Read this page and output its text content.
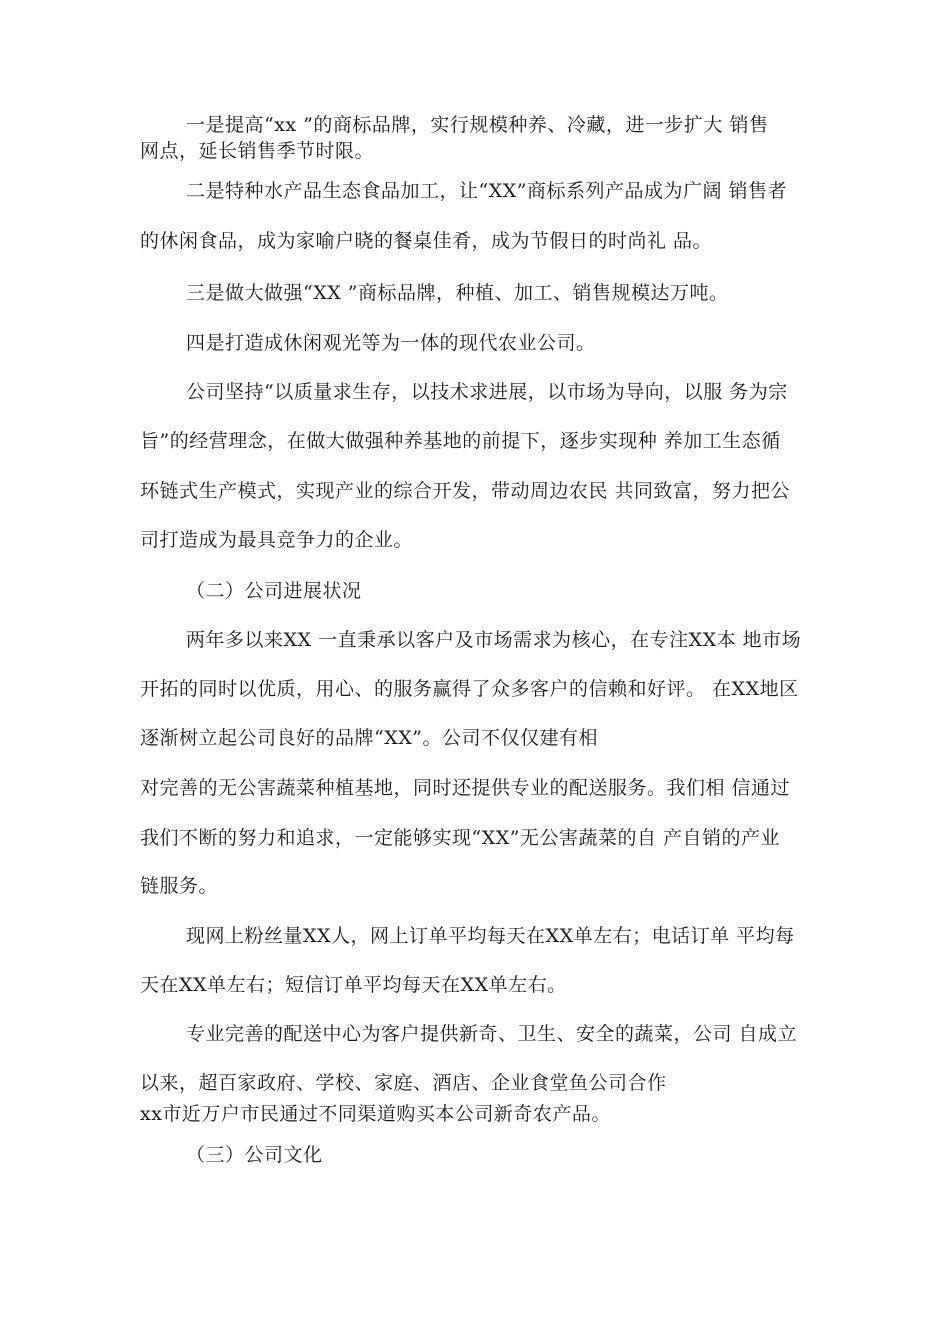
一是提高“xx ”的商标品牌，实行规模种养、冷藏，进一步扩大 销售
网点，延长销售季节时限。
二是特种水产品生态食品加工，让“XX”商标系列产品成为广阔 销售者
的休闲食品，成为家喻户晓的餐桌佳肴，成为节假日的时尚礼 品。
三是做大做强“XX ”商标品牌，种植、加工、销售规模达万吨。
四是打造成休闲观光等为一体的现代农业公司。
公司坚持“以质量求生存，以技术求进展，以市场为导向，以服 务为宗
旨”的经营理念，在做大做强种养基地的前提下，逐步实现种 养加工生态循
环链式生产模式，实现产业的综合开发，带动周边农民 共同致富，努力把公
司打造成为最具竞争力的企业。
（二）公司进展状况
两年多以来XX 一直秉承以客户及市场需求为核心，在专注XX本 地市场
开拓的同时以优质，用心、的服务赢得了众多客户的信赖和好评。 在XX地区
逐渐树立起公司良好的品牌“XX”。公司不仅仅建有相
对完善的无公害蔬菜种植基地，同时还提供专业的配送服务。我们相 信通过
我们不断的努力和追求，一定能够实现“XX”无公害蔬菜的自 产自销的产业
链服务。
现网上粉丝量XX人，网上订单平均每天在XX单左右；电话订单 平均每
天在XX单左右；短信订单平均每天在XX单左右。
专业完善的配送中心为客户提供新奇、卫生、安全的蔬菜，公司 自成立
以来，超百家政府、学校、家庭、酒店、企业食堂鱼公司合作
xx市近万户市民通过不同渠道购买本公司新奇农产品。
（三）公司文化
